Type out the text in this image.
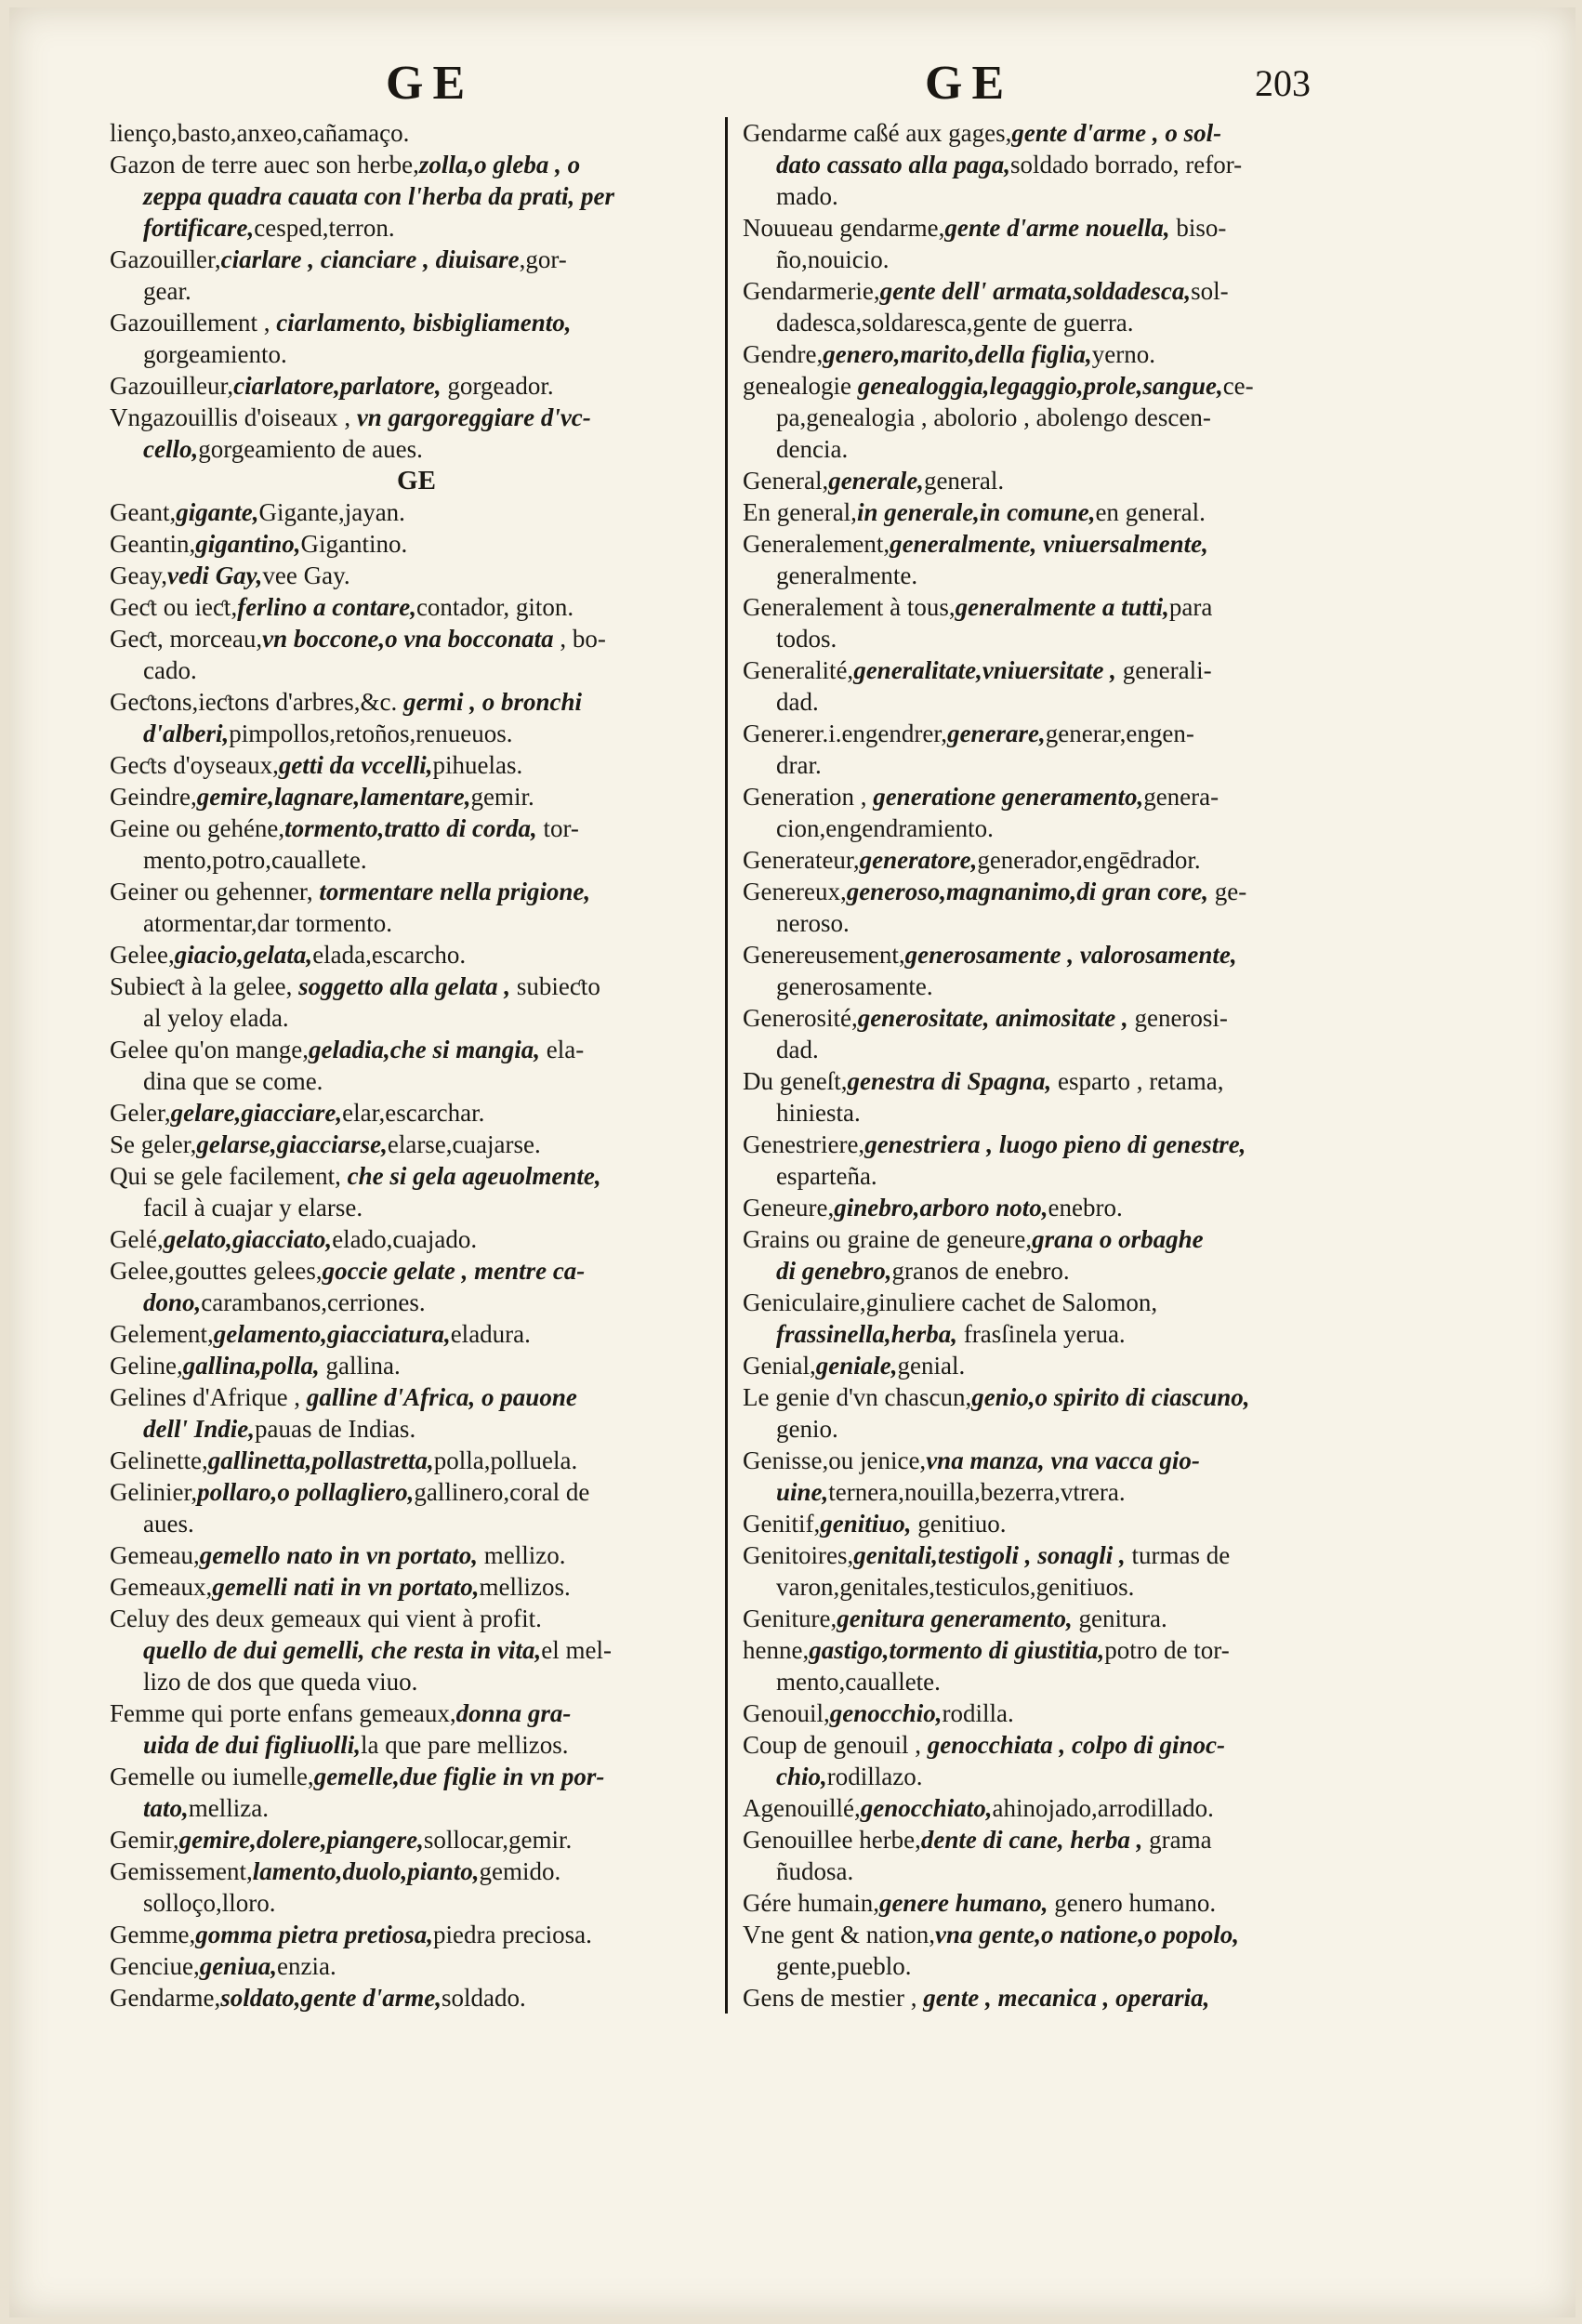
GE	GE	203
lienço,basto,anxeo,cañamaço.
Gazon de terre auec son herbe,zolla,o gleba , o
zeppa quadra cauata con l'herba da prati, per
fortificare,cesped,terron.
Gazouiller,ciarlare , cianciare , diuisare,gor-
gear.
Gazouillement , ciarlamento, bisbigliamento,
gorgeamiento.
Gazouilleur,ciarlatore,parlatore, gorgeador.
Vngazouillis d'oiseaux , vn gargoreggiare d'vc-
cello,gorgeamiento de aues.
GE
Geant,gigante,Gigante,jayan.
Geantin,gigantino,Gigantino.
Geay,vedi Gay,vee Gay.
Geƈt ou ieƈt,ferlino a contare,contador, giton.
Geƈt, morceau,vn boccone,o vna bocconata , bo-
cado.
Geƈtons,ieƈtons d'arbres,&c. germi , o bronchi
d'alberi,pimpollos,retoños,renueuos.
Geƈts d'oyseaux,getti da vccelli,pihuelas.
Geindre,gemire,lagnare,lamentare,gemir.
Geine ou gehéne,tormento,tratto di corda, tor-
mento,potro,cauallete.
Geiner ou gehenner, tormentare nella prigione,
atormentar,dar tormento.
Gelee,giacio,gelata,elada,escarcho.
Subieƈt à la gelee, soggetto alla gelata , subieƈto
al yeloy elada.
Gelee qu'on mange,geladia,che si mangia, ela-
dina que se come.
Geler,gelare,giacciare,elar,escarchar.
Se geler,gelarse,giacciarse,elarse,cuajarse.
Qui se gele facilement, che si gela ageuolmente,
facil à cuajar y elarse.
Gelé,gelato,giacciato,elado,cuajado.
Gelee,gouttes gelees,goccie gelate , mentre ca-
dono,carambanos,cerriones.
Gelement,gelamento,giacciatura,eladura.
Geline,gallina,polla, gallina.
Gelines d'Afrique , galline d'Africa, o pauone
dell' Indie,pauas de Indias.
Gelinette,gallinetta,pollastretta,polla,polluela.
Gelinier,pollaro,o pollagliero,gallinero,coral de
aues.
Gemeau,gemello nato in vn portato, mellizo.
Gemeaux,gemelli nati in vn portato,mellizos.
Celuy des deux gemeaux qui vient à profit.
quello de dui gemelli, che resta in vita,el mel-
lizo de dos que queda viuo.
Femme qui porte enfans gemeaux,donna gra-
uida de dui figliuolli,la que pare mellizos.
Gemelle ou iumelle,gemelle,due figlie in vn por-
tato,melliza.
Gemir,gemire,dolere,piangere,sollocar,gemir.
Gemissement,lamento,duolo,pianto,gemido.
solloço,lloro.
Gemme,gomma pietra pretiosa,piedra preciosa.
Genciue,geniua,enzia.
Gendarme,soldato,gente d'arme,soldado.
Gendarme caßé aux gages,gente d'arme , o sol-
dato cassato alla paga,soldado borrado, refor-
mado.
Nouueau gendarme,gente d'arme nouella, biso-
ño,nouicio.
Gendarmerie,gente dell' armata,soldadesca,sol-
dadesca,soldaresca,gente de guerra.
Gendre,genero,marito,della figlia,yerno.
genealogie genealoggia,legaggio,prole,sangue,ce-
pa,genealogia , abolorio , abolengo descen-
dencia.
General,generale,general.
En general,in generale,in comune,en general.
Generalement,generalmente, vniuersalmente,
generalmente.
Generalement à tous,generalmente a tutti,para
todos.
Generalité,generalitate,vniuersitate , generali-
dad.
Generer.i.engendrer,generare,generar,engen-
drar.
Generation , generatione generamento,genera-
cion,engendramiento.
Generateur,generatore,generador,engēdrador.
Genereux,generoso,magnanimo,di gran core, ge-
neroso.
Genereusement,generosamente , valorosamente,
generosamente.
Generosité,generositate, animositate , generosi-
dad.
Du geneſt,genestra di Spagna, esparto , retama,
hiniesta.
Genestriere,genestriera , luogo pieno di genestre,
esparteña.
Geneure,ginebro,arboro noto,enebro.
Grains ou graine de geneure,grana o orbaghe
di genebro,granos de enebro.
Geniculaire,ginuliere cachet de Salomon,
frassinella,herba, frasſinela yerua.
Genial,geniale,genial.
Le genie d'vn chascun,genio,o spirito di ciascuno,
genio.
Genisse,ou jenice,vna manza, vna vacca gio-
uine,ternera,nouilla,bezerra,vtrera.
Genitif,genitiuo, genitiuo.
Genitoires,genitali,testigoli , sonagli , turmas de
varon,genitales,testiculos,genitiuos.
Geniture,genitura generamento, genitura.
henne,gastigo,tormento di giustitia,potro de tor-
mento,cauallete.
Genouil,genocchio,rodilla.
Coup de genouil , genocchiata , colpo di ginoc-
chio,rodillazo.
Agenouillé,genocchiato,ahinojado,arrodillado.
Genouillee herbe,dente di cane, herba , grama
ñudosa.
Gére humain,genere humano, genero humano.
Vne gent & nation,vna gente,o natione,o popolo,
gente,pueblo.
Gens de mestier , gente , mecanica , operaria,
